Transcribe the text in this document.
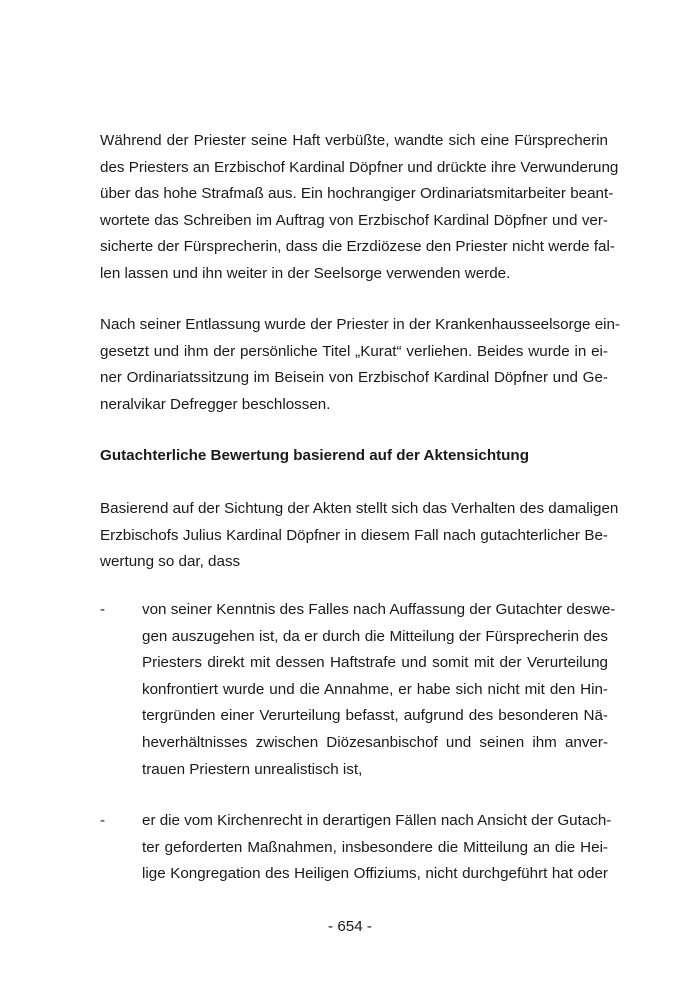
Während der Priester seine Haft verbüßte, wandte sich eine Fürsprecherin
des Priesters an Erzbischof Kardinal Döpfner und drückte ihre Verwunderung
über das hohe Strafmaß aus. Ein hochrangiger Ordinariatsmitarbeiter beant-
wortete das Schreiben im Auftrag von Erzbischof Kardinal Döpfner und ver-
sicherte der Fürsprecherin, dass die Erzdiözese den Priester nicht werde fal-
len lassen und ihn weiter in der Seelsorge verwenden werde.
Nach seiner Entlassung wurde der Priester in der Krankenhausseelsorge ein-
gesetzt und ihm der persönliche Titel „Kurat“ verliehen. Beides wurde in ei-
ner Ordinariatssitzung im Beisein von Erzbischof Kardinal Döpfner und Ge-
neralvikar Defregger beschlossen.
Gutachterliche Bewertung basierend auf der Aktensichtung
Basierend auf der Sichtung der Akten stellt sich das Verhalten des damaligen
Erzbischofs Julius Kardinal Döpfner in diesem Fall nach gutachterlicher Be-
wertung so dar, dass
- von seiner Kenntnis des Falles nach Auffassung der Gutachter deswe-
gen auszugehen ist, da er durch die Mitteilung der Fürsprecherin des
Priesters direkt mit dessen Haftstrafe und somit mit der Verurteilung
konfrontiert wurde und die Annahme, er habe sich nicht mit den Hin-
tergründen einer Verurteilung befasst, aufgrund des besonderen Nä-
heverhältnisses zwischen Diözesanbischof und seinen ihm anver-
trauen Priestern unrealistisch ist,
- er die vom Kirchenrecht in derartigen Fällen nach Ansicht der Gutach-
ter geforderten Maßnahmen, insbesondere die Mitteilung an die Hei-
lige Kongregation des Heiligen Offiziums, nicht durchgeführt hat oder
- 654 -
